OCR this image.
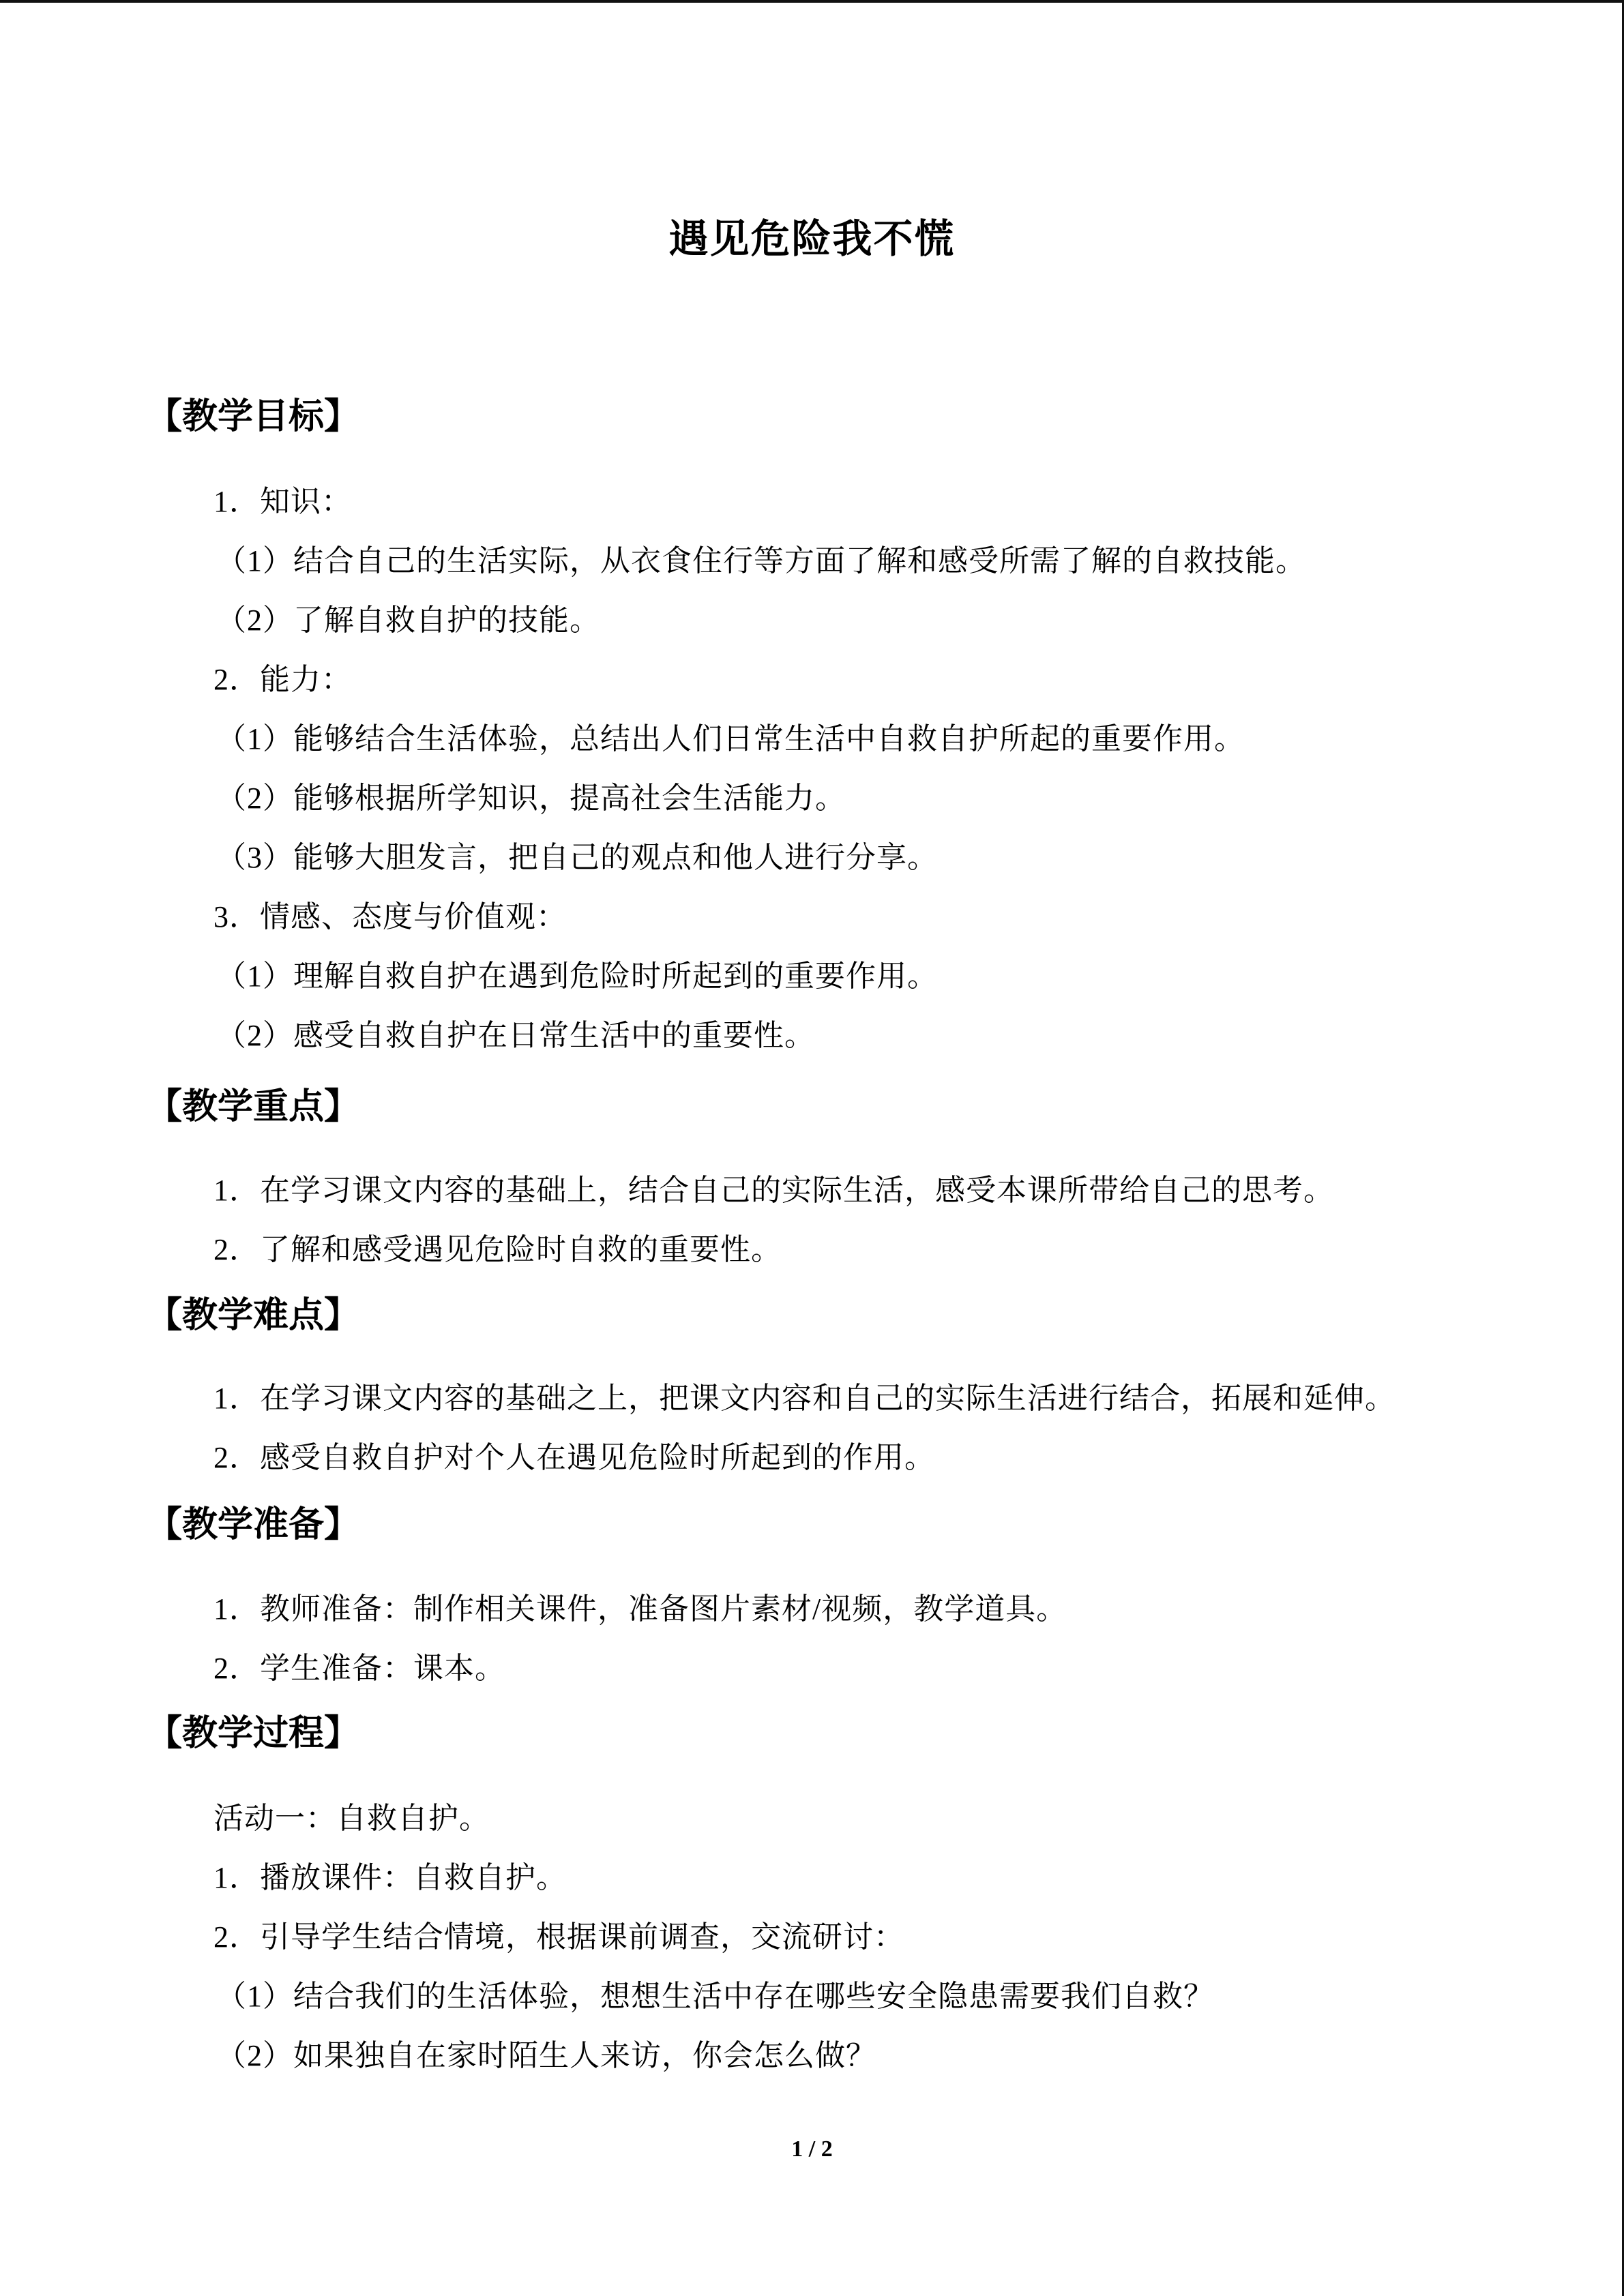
遇见危险我不慌
【教学目标】
1．知识：
（1）结合自己的生活实际，从衣食住行等方面了解和感受所需了解的自救技能。
（2）了解自救自护的技能。
2．能力：
（1）能够结合生活体验，总结出人们日常生活中自救自护所起的重要作用。
（2）能够根据所学知识，提高社会生活能力。
（3）能够大胆发言，把自己的观点和他人进行分享。
3．情感、态度与价值观：
（1）理解自救自护在遇到危险时所起到的重要作用。
（2）感受自救自护在日常生活中的重要性。
【教学重点】
1．在学习课文内容的基础上，结合自己的实际生活，感受本课所带给自己的思考。
2．了解和感受遇见危险时自救的重要性。
【教学难点】
1．在学习课文内容的基础之上，把课文内容和自己的实际生活进行结合，拓展和延伸。
2．感受自救自护对个人在遇见危险时所起到的作用。
【教学准备】
1．教师准备：制作相关课件，准备图片素材/视频，教学道具。
2．学生准备：课本。
【教学过程】
活动一：自救自护。
1．播放课件：自救自护。
2．引导学生结合情境，根据课前调查，交流研讨：
（1）结合我们的生活体验，想想生活中存在哪些安全隐患需要我们自救？
（2）如果独自在家时陌生人来访，你会怎么做？
1 / 2
